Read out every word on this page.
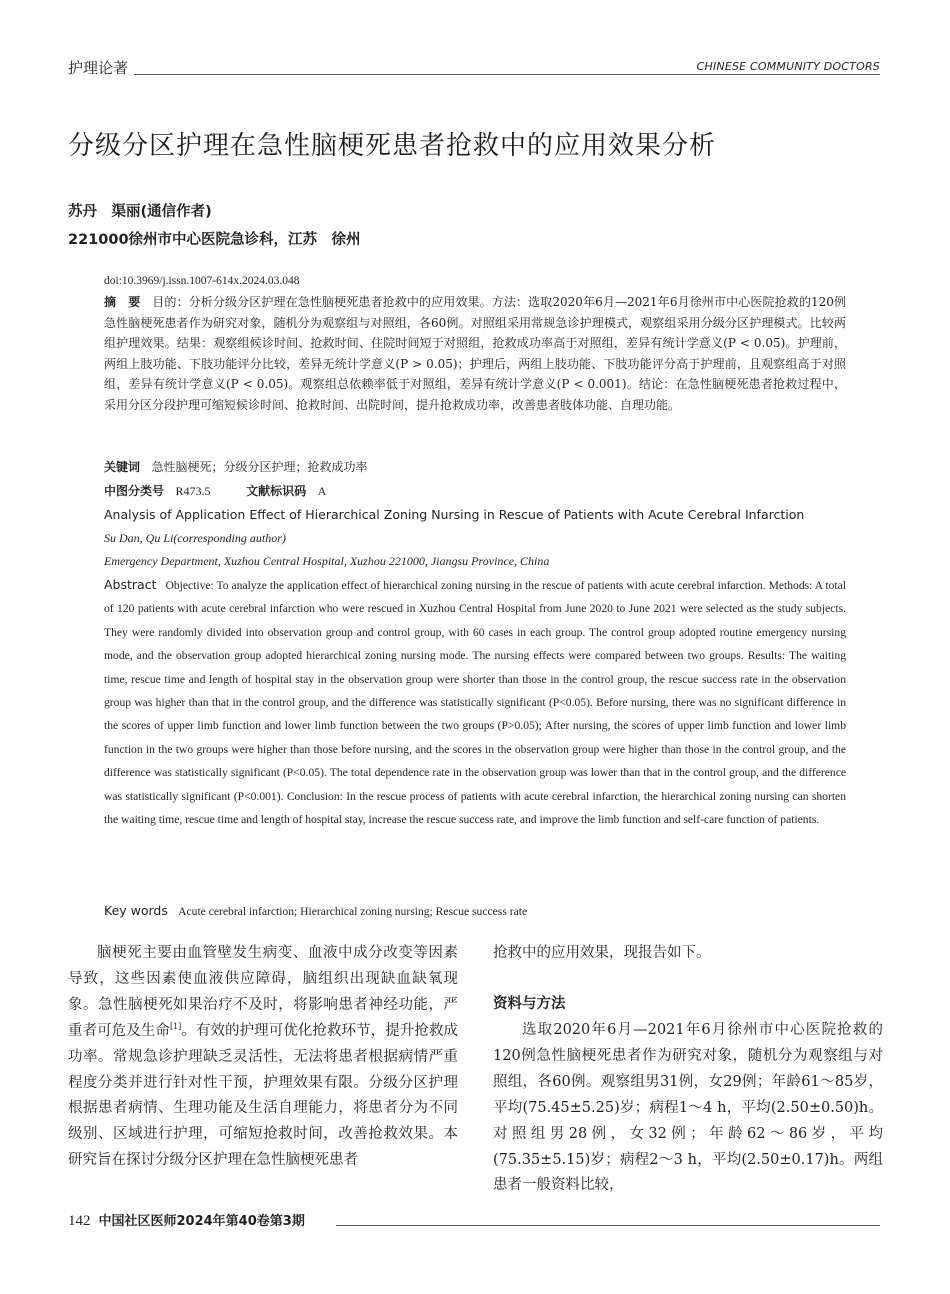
护理论著	CHINESE COMMUNITY DOCTORS
分级分区护理在急性脑梗死患者抢救中的应用效果分析
苏丹　渠丽(通信作者)
221000徐州市中心医院急诊科，江苏　徐州
doi:10.3969/j.issn.1007-614x.2024.03.048
摘　要 目的：分析分级分区护理在急性脑梗死患者抢救中的应用效果。方法：选取2020年6月—2021年6月徐州市中心医院抢救的120例急性脑梗死患者作为研究对象，随机分为观察组与对照组，各60例。对照组采用常规急诊护理模式，观察组采用分级分区护理模式。比较两组护理效果。结果：观察组候诊时间、抢救时间、住院时间短于对照组，抢救成功率高于对照组，差异有统计学意义(P < 0.05)。护理前，两组上肢功能、下肢功能评分比较，差异无统计学意义(P > 0.05)；护理后，两组上肢功能、下肢功能评分高于护理前，且观察组高于对照组，差异有统计学意义(P < 0.05)。观察组总依赖率低于对照组，差异有统计学意义(P < 0.001)。结论：在急性脑梗死患者抢救过程中，采用分区分段护理可缩短候诊时间、抢救时间、出院时间，提升抢救成功率，改善患者肢体功能、自理功能。
关键词 急性脑梗死；分级分区护理；抢救成功率
中图分类号 R473.5	文献标识码 A
Analysis of Application Effect of Hierarchical Zoning Nursing in Rescue of Patients with Acute Cerebral Infarction
Su Dan, Qu Li(corresponding author)
Emergency Department, Xuzhou Central Hospital, Xuzhou 221000, Jiangsu Province, China
Abstract Objective: To analyze the application effect of hierarchical zoning nursing in the rescue of patients with acute cerebral infarction. Methods: A total of 120 patients with acute cerebral infarction who were rescued in Xuzhou Central Hospital from June 2020 to June 2021 were selected as the study subjects. They were randomly divided into observation group and control group, with 60 cases in each group. The control group adopted routine emergency nursing mode, and the observation group adopted hierarchical zoning nursing mode. The nursing effects were compared between two groups. Results: The waiting time, rescue time and length of hospital stay in the observation group were shorter than those in the control group, the rescue success rate in the observation group was higher than that in the control group, and the difference was statistically significant (P<0.05). Before nursing, there was no significant difference in the scores of upper limb function and lower limb function between the two groups (P>0.05); After nursing, the scores of upper limb function and lower limb function in the two groups were higher than those before nursing, and the scores in the observation group were higher than those in the control group, and the difference was statistically significant (P<0.05). The total dependence rate in the observation group was lower than that in the control group, and the difference was statistically significant (P<0.001). Conclusion: In the rescue process of patients with acute cerebral infarction, the hierarchical zoning nursing can shorten the waiting time, rescue time and length of hospital stay, increase the rescue success rate, and improve the limb function and self-care function of patients.
Key words Acute cerebral infarction; Hierarchical zoning nursing; Rescue success rate

脑梗死主要由血管壁发生病变、血液中成分改变等因素导致，这些因素使血液供应障碍，脑组织出现缺血缺氧现象。急性脑梗死如果治疗不及时，将影响患者神经功能，严重者可危及生命[1]。有效的护理可优化抢救环节，提升抢救成功率。常规急诊护理缺乏灵活性，无法将患者根据病情严重程度分类并进行针对性干预，护理效果有限。分级分区护理根据患者病情、生理功能及生活自理能力，将患者分为不同级别、区域进行护理，可缩短抢救时间，改善抢救效果。本研究旨在探讨分级分区护理在急性脑梗死患者

抢救中的应用效果，现报告如下。

资料与方法

选取2020年6月—2021年6月徐州市中心医院抢救的120例急性脑梗死患者作为研究对象，随机分为观察组与对照组，各60例。观察组男31例，女29例；年龄61～85岁，平均(75.45±5.25)岁；病程1～4 h，平均(2.50±0.50)h。对照组男28例，女32例；年龄62～86岁，平均(75.35±5.15)岁；病程2～3 h，平均(2.50±0.17)h。两组患者一般资料比较，

142 中国社区医师2024年第40卷第3期
